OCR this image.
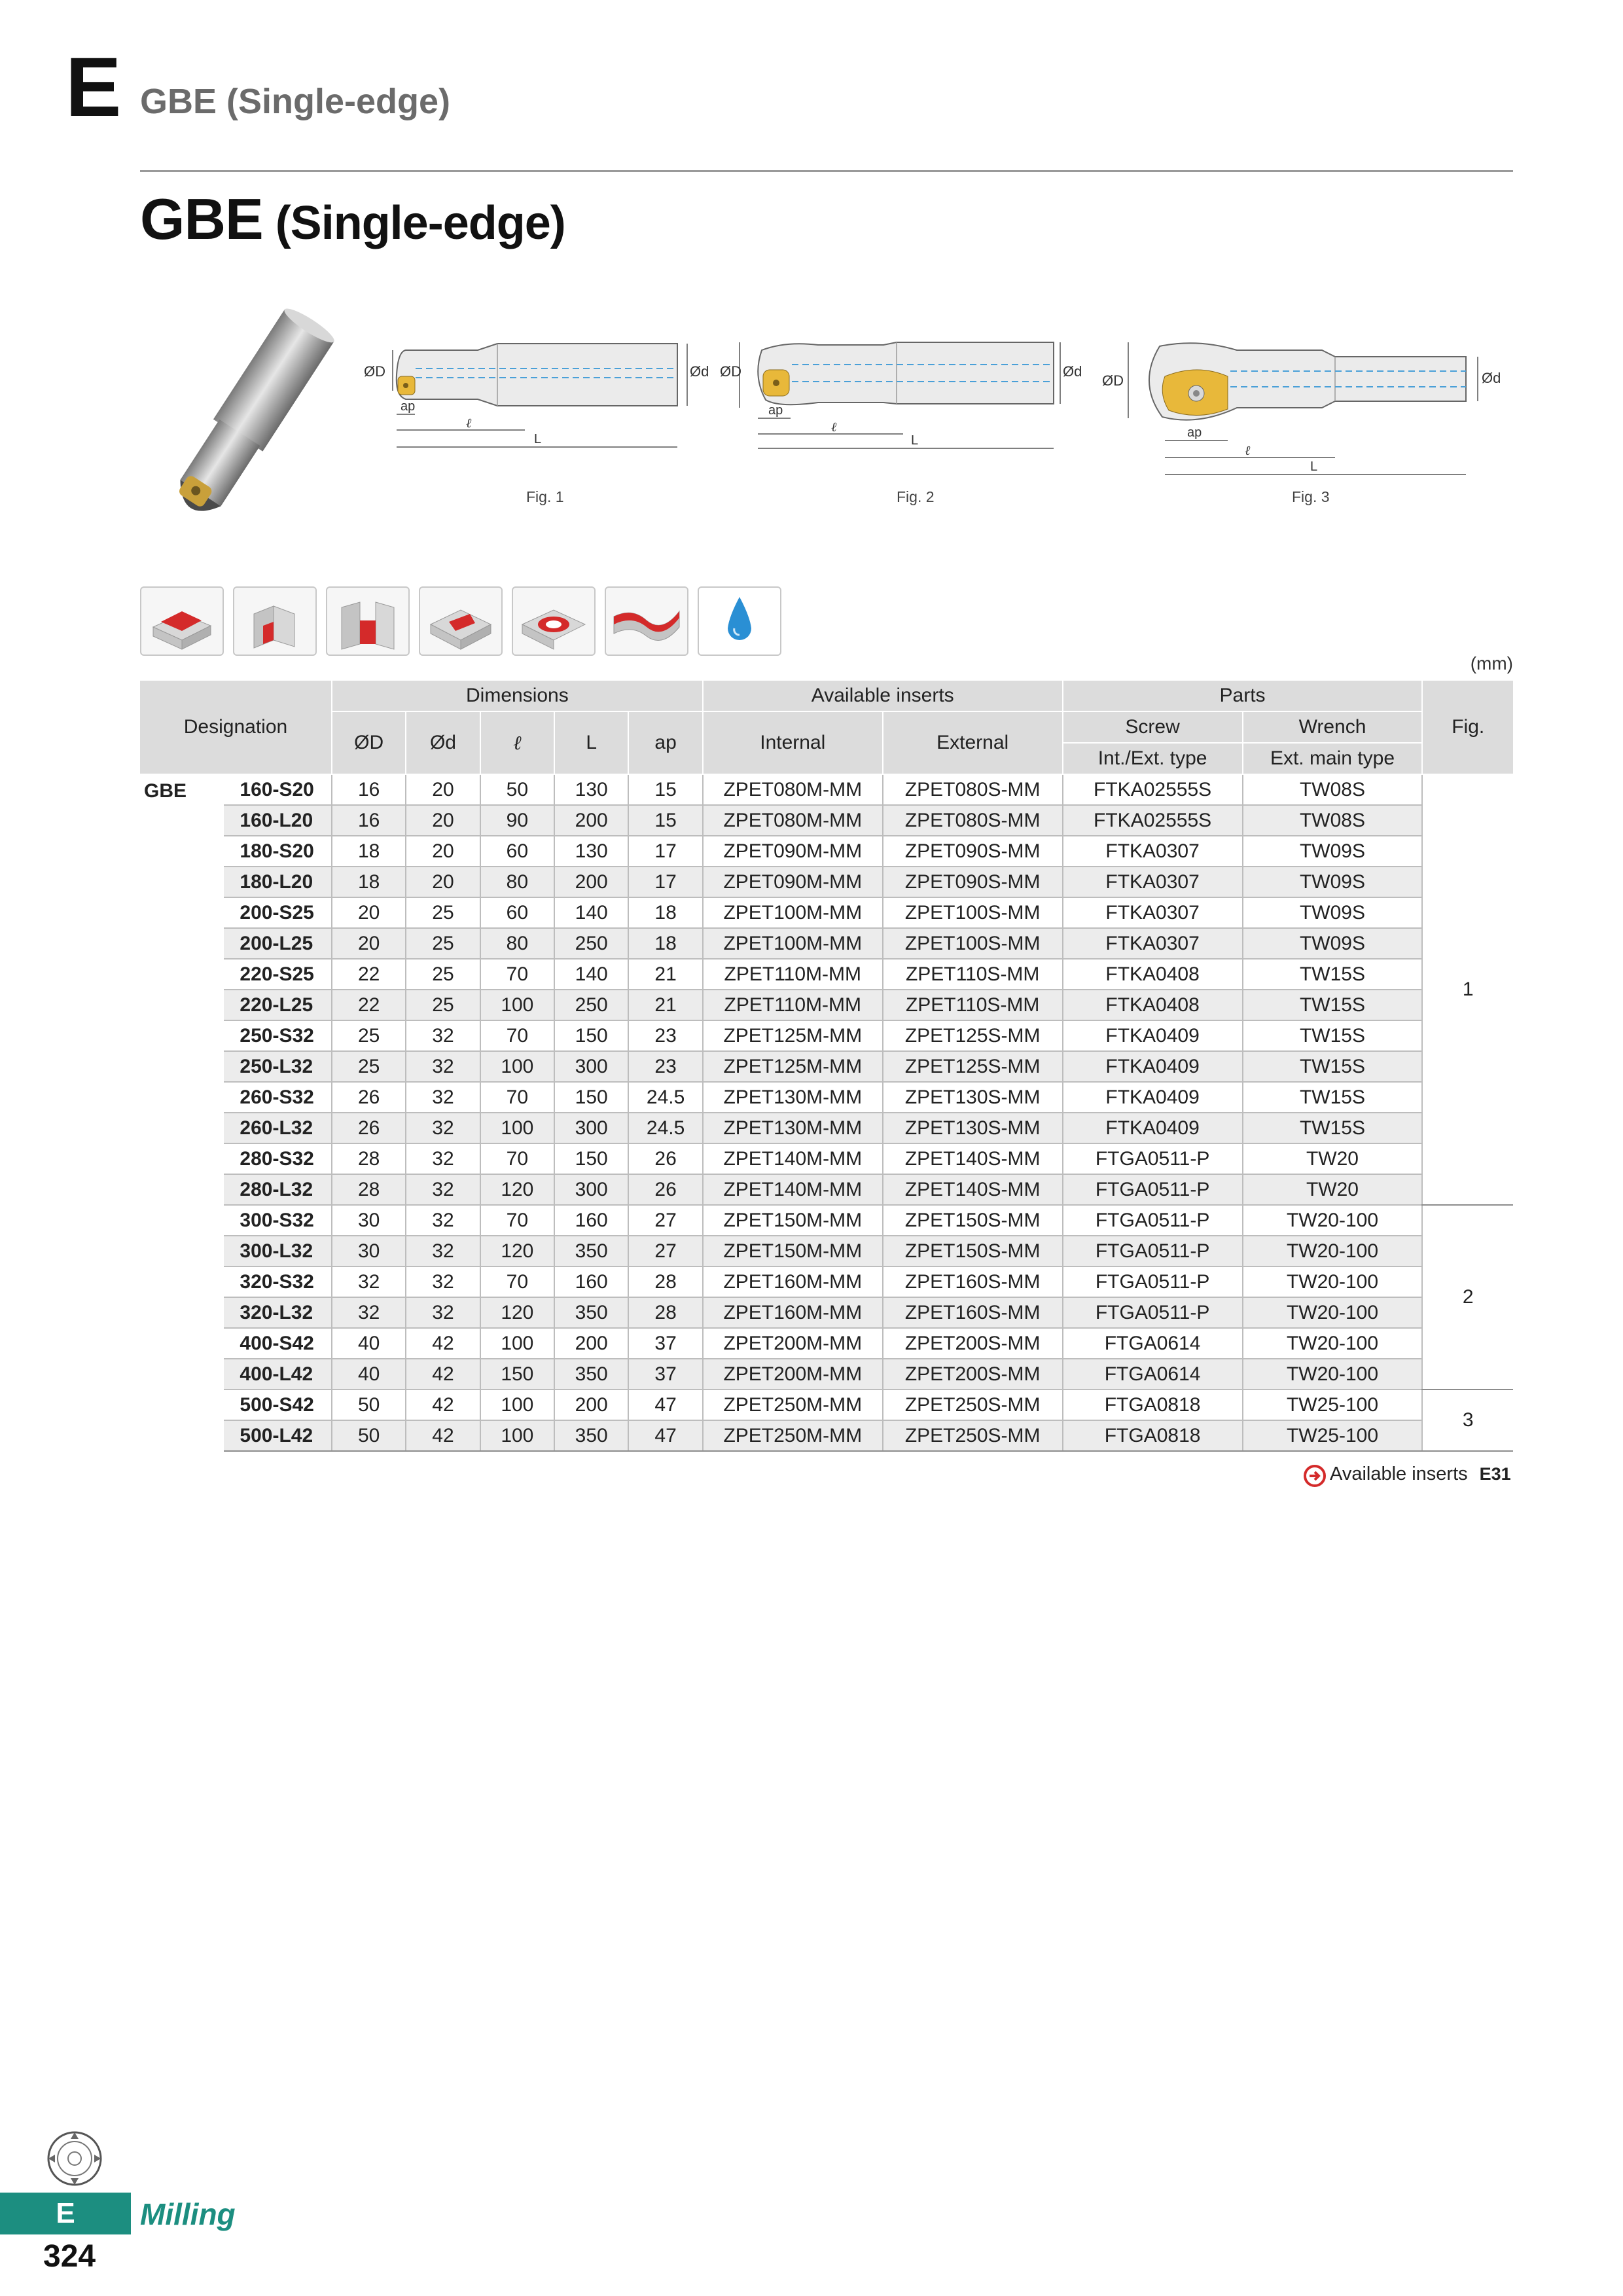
E GBE (Single-edge)
GBE (Single-edge)
ØD	Ød
ap
ℓ
L
Fig. 1
ØD	Ød
ap
ℓ
L
Fig. 2
ØD	Ød
ap
ℓ
L
Fig. 3
(mm)
Designation		Dimensions					Available inserts		Parts		Fig.
		ØD	Ød	ℓ	L	ap	Internal	External	Screw	Wrench	
									Int./Ext. type	Ext. main type	
GBE	160-S20	16	20	50	130	15	ZPET080M-MM	ZPET080S-MM	FTKA02555S	TW08S	1
	160-L20	16	20	90	200	15	ZPET080M-MM	ZPET080S-MM	FTKA02555S	TW08S	
	180-S20	18	20	60	130	17	ZPET090M-MM	ZPET090S-MM	FTKA0307	TW09S	
	180-L20	18	20	80	200	17	ZPET090M-MM	ZPET090S-MM	FTKA0307	TW09S	
	200-S25	20	25	60	140	18	ZPET100M-MM	ZPET100S-MM	FTKA0307	TW09S	
	200-L25	20	25	80	250	18	ZPET100M-MM	ZPET100S-MM	FTKA0307	TW09S	
	220-S25	22	25	70	140	21	ZPET110M-MM	ZPET110S-MM	FTKA0408	TW15S	
	220-L25	22	25	100	250	21	ZPET110M-MM	ZPET110S-MM	FTKA0408	TW15S	
	250-S32	25	32	70	150	23	ZPET125M-MM	ZPET125S-MM	FTKA0409	TW15S	
	250-L32	25	32	100	300	23	ZPET125M-MM	ZPET125S-MM	FTKA0409	TW15S	
	260-S32	26	32	70	150	24.5	ZPET130M-MM	ZPET130S-MM	FTKA0409	TW15S	
	260-L32	26	32	100	300	24.5	ZPET130M-MM	ZPET130S-MM	FTKA0409	TW15S	
	280-S32	28	32	70	150	26	ZPET140M-MM	ZPET140S-MM	FTGA0511-P	TW20	
	280-L32	28	32	120	300	26	ZPET140M-MM	ZPET140S-MM	FTGA0511-P	TW20	
	300-S32	30	32	70	160	27	ZPET150M-MM	ZPET150S-MM	FTGA0511-P	TW20-100	2
	300-L32	30	32	120	350	27	ZPET150M-MM	ZPET150S-MM	FTGA0511-P	TW20-100	
	320-S32	32	32	70	160	28	ZPET160M-MM	ZPET160S-MM	FTGA0511-P	TW20-100	
	320-L32	32	32	120	350	28	ZPET160M-MM	ZPET160S-MM	FTGA0511-P	TW20-100	
	400-S42	40	42	100	200	37	ZPET200M-MM	ZPET200S-MM	FTGA0614	TW20-100	
	400-L42	40	42	150	350	37	ZPET200M-MM	ZPET200S-MM	FTGA0614	TW20-100	
	500-S42	50	42	100	200	47	ZPET250M-MM	ZPET250S-MM	FTGA0818	TW25-100	3
	500-L42	50	42	100	350	47	ZPET250M-MM	ZPET250S-MM	FTGA0818	TW25-100	
Available inserts E31
E	Milling
324
